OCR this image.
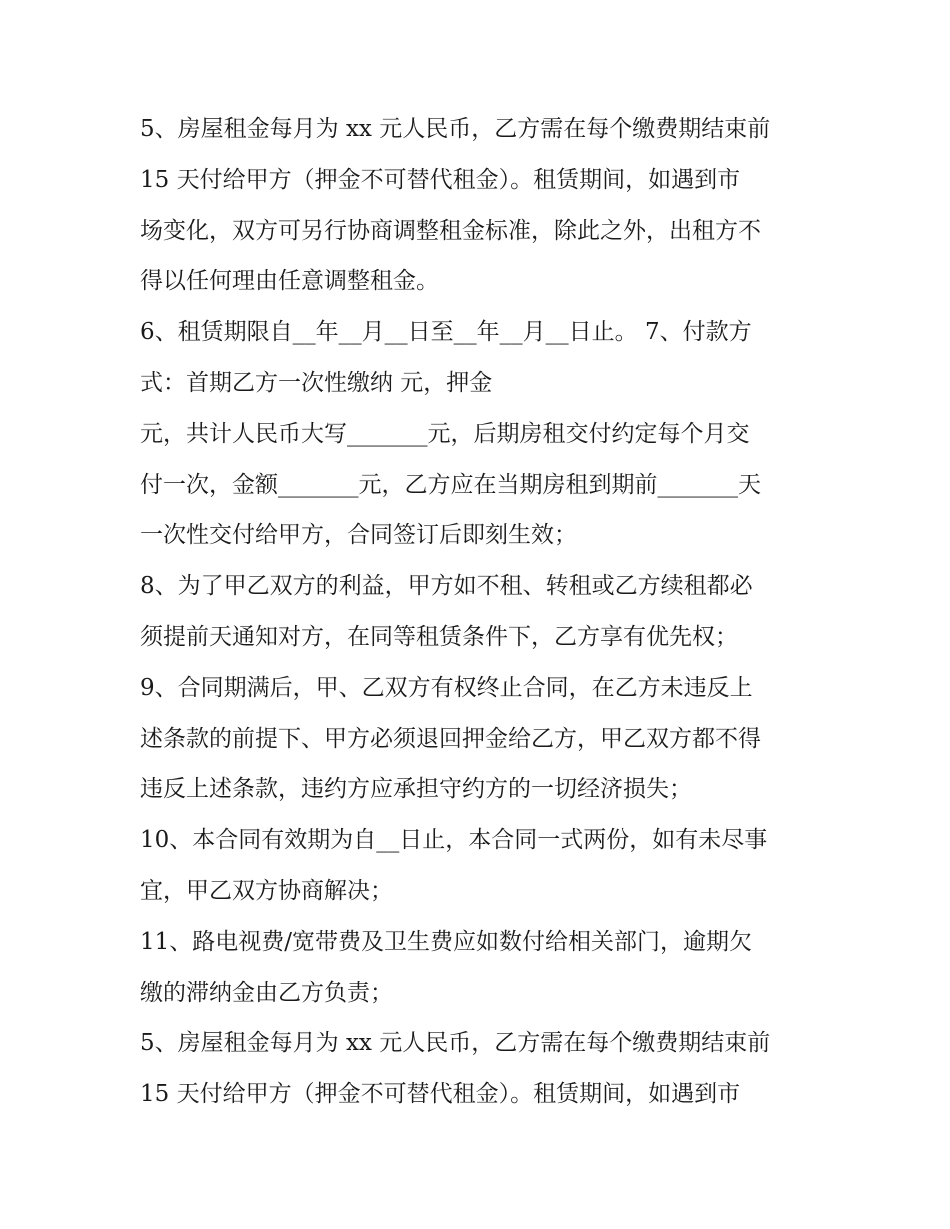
5、房屋租金每月为 xx 元人民币，乙方需在每个缴费期结束前
15 天付给甲方（押金不可替代租金）。租赁期间，如遇到市
场变化，双方可另行协商调整租金标准，除此之外，出租方不
得以任何理由任意调整租金。
6、租赁期限自__年__月__日至__年__月__日止。 7、付款方
式：首期乙方一次性缴纳 元，押金
元，共计人民币大写_______元，后期房租交付约定每个月交
付一次，金额_______元，乙方应在当期房租到期前_______天
一次性交付给甲方，合同签订后即刻生效；
8、为了甲乙双方的利益，甲方如不租、转租或乙方续租都必
须提前天通知对方，在同等租赁条件下，乙方享有优先权；
9、合同期满后，甲、乙双方有权终止合同，在乙方未违反上
述条款的前提下、甲方必须退回押金给乙方，甲乙双方都不得
违反上述条款，违约方应承担守约方的一切经济损失；
10、本合同有效期为自__日止，本合同一式两份，如有未尽事
宜，甲乙双方协商解决；
11、路电视费/宽带费及卫生费应如数付给相关部门，逾期欠
缴的滞纳金由乙方负责；
5、房屋租金每月为 xx 元人民币，乙方需在每个缴费期结束前
15 天付给甲方（押金不可替代租金）。租赁期间，如遇到市
